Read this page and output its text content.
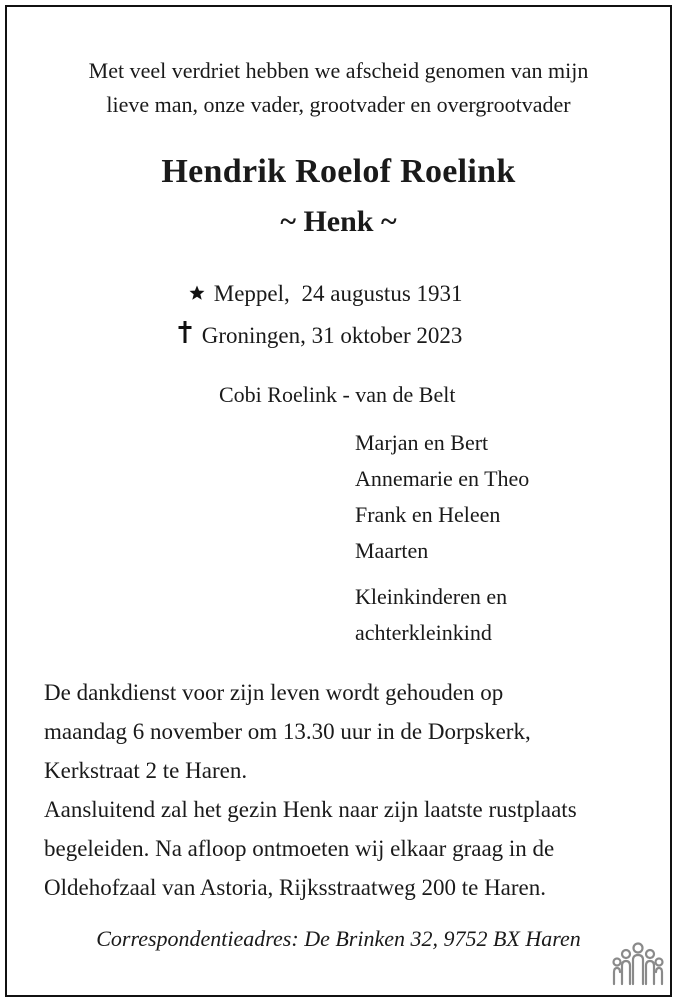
Met veel verdriet hebben we afscheid genomen van mijn
lieve man, onze vader, grootvader en overgrootvader
Hendrik Roelof Roelink
~ Henk ~
Meppel, 24 augustus 1931
Groningen, 31 oktober 2023
Cobi Roelink - van de Belt
Marjan en Bert
Annemarie en Theo
Frank en Heleen
Maarten
Kleinkinderen en
achterkleinkind
De dankdienst voor zijn leven wordt gehouden op
maandag 6 november om 13.30 uur in de Dorpskerk,
Kerkstraat 2 te Haren.
Aansluitend zal het gezin Henk naar zijn laatste rustplaats
begeleiden. Na afloop ontmoeten wij elkaar graag in de
Oldehofzaal van Astoria, Rijksstraatweg 200 te Haren.
Correspondentieadres: De Brinken 32, 9752 BX Haren
